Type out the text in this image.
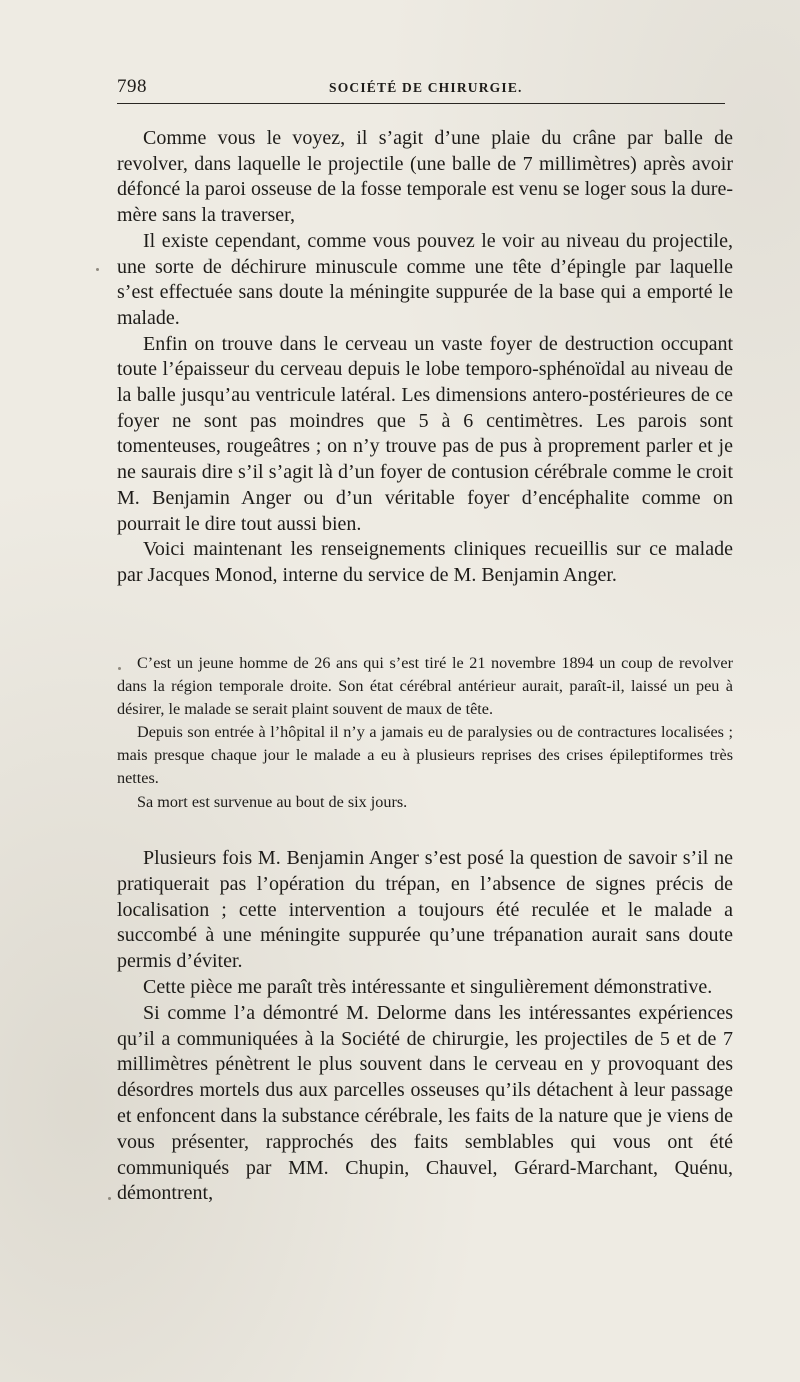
798	SOCIÉTÉ DE CHIRURGIE.

Comme vous le voyez, il s’agit d’une plaie du crâne par balle de revolver, dans laquelle le projectile (une balle de 7 millimètres) après avoir défoncé la paroi osseuse de la fosse temporale est venu se loger sous la dure-mère sans la traverser,

Il existe cependant, comme vous pouvez le voir au niveau du projectile, une sorte de déchirure minuscule comme une tête d’épingle par laquelle s’est effectuée sans doute la méningite suppurée de la base qui a emporté le malade.

Enfin on trouve dans le cerveau un vaste foyer de destruction occupant toute l’épaisseur du cerveau depuis le lobe temporo-sphénoïdal au niveau de la balle jusqu’au ventricule latéral. Les dimensions antero-postérieures de ce foyer ne sont pas moindres que 5 à 6 centimètres. Les parois sont tomenteuses, rougeâtres ; on n’y trouve pas de pus à proprement parler et je ne saurais dire s’il s’agit là d’un foyer de contusion cérébrale comme le croit M. Benjamin Anger ou d’un véritable foyer d’encéphalite comme on pourrait le dire tout aussi bien.

Voici maintenant les renseignements cliniques recueillis sur ce malade par Jacques Monod, interne du service de M. Benjamin Anger.

C’est un jeune homme de 26 ans qui s’est tiré le 21 novembre 1894 un coup de revolver dans la région temporale droite. Son état cérébral antérieur aurait, paraît-il, laissé un peu à désirer, le malade se serait plaint souvent de maux de tête.

Depuis son entrée à l’hôpital il n’y a jamais eu de paralysies ou de contractures localisées ; mais presque chaque jour le malade a eu à plusieurs reprises des crises épileptiformes très nettes.

Sa mort est survenue au bout de six jours.

Plusieurs fois M. Benjamin Anger s’est posé la question de savoir s’il ne pratiquerait pas l’opération du trépan, en l’absence de signes précis de localisation ; cette intervention a toujours été reculée et le malade a succombé à une méningite suppurée qu’une trépanation aurait sans doute permis d’éviter.

Cette pièce me paraît très intéressante et singulièrement démonstrative.

Si comme l’a démontré M. Delorme dans les intéressantes expériences qu’il a communiquées à la Société de chirurgie, les projectiles de 5 et de 7 millimètres pénètrent le plus souvent dans le cerveau en y provoquant des désordres mortels dus aux parcelles osseuses qu’ils détachent à leur passage et enfoncent dans la substance cérébrale, les faits de la nature que je viens de vous présenter, rapprochés des faits semblables qui vous ont été communiqués par MM. Chupin, Chauvel, Gérard-Marchant, Quénu, démontrent,
